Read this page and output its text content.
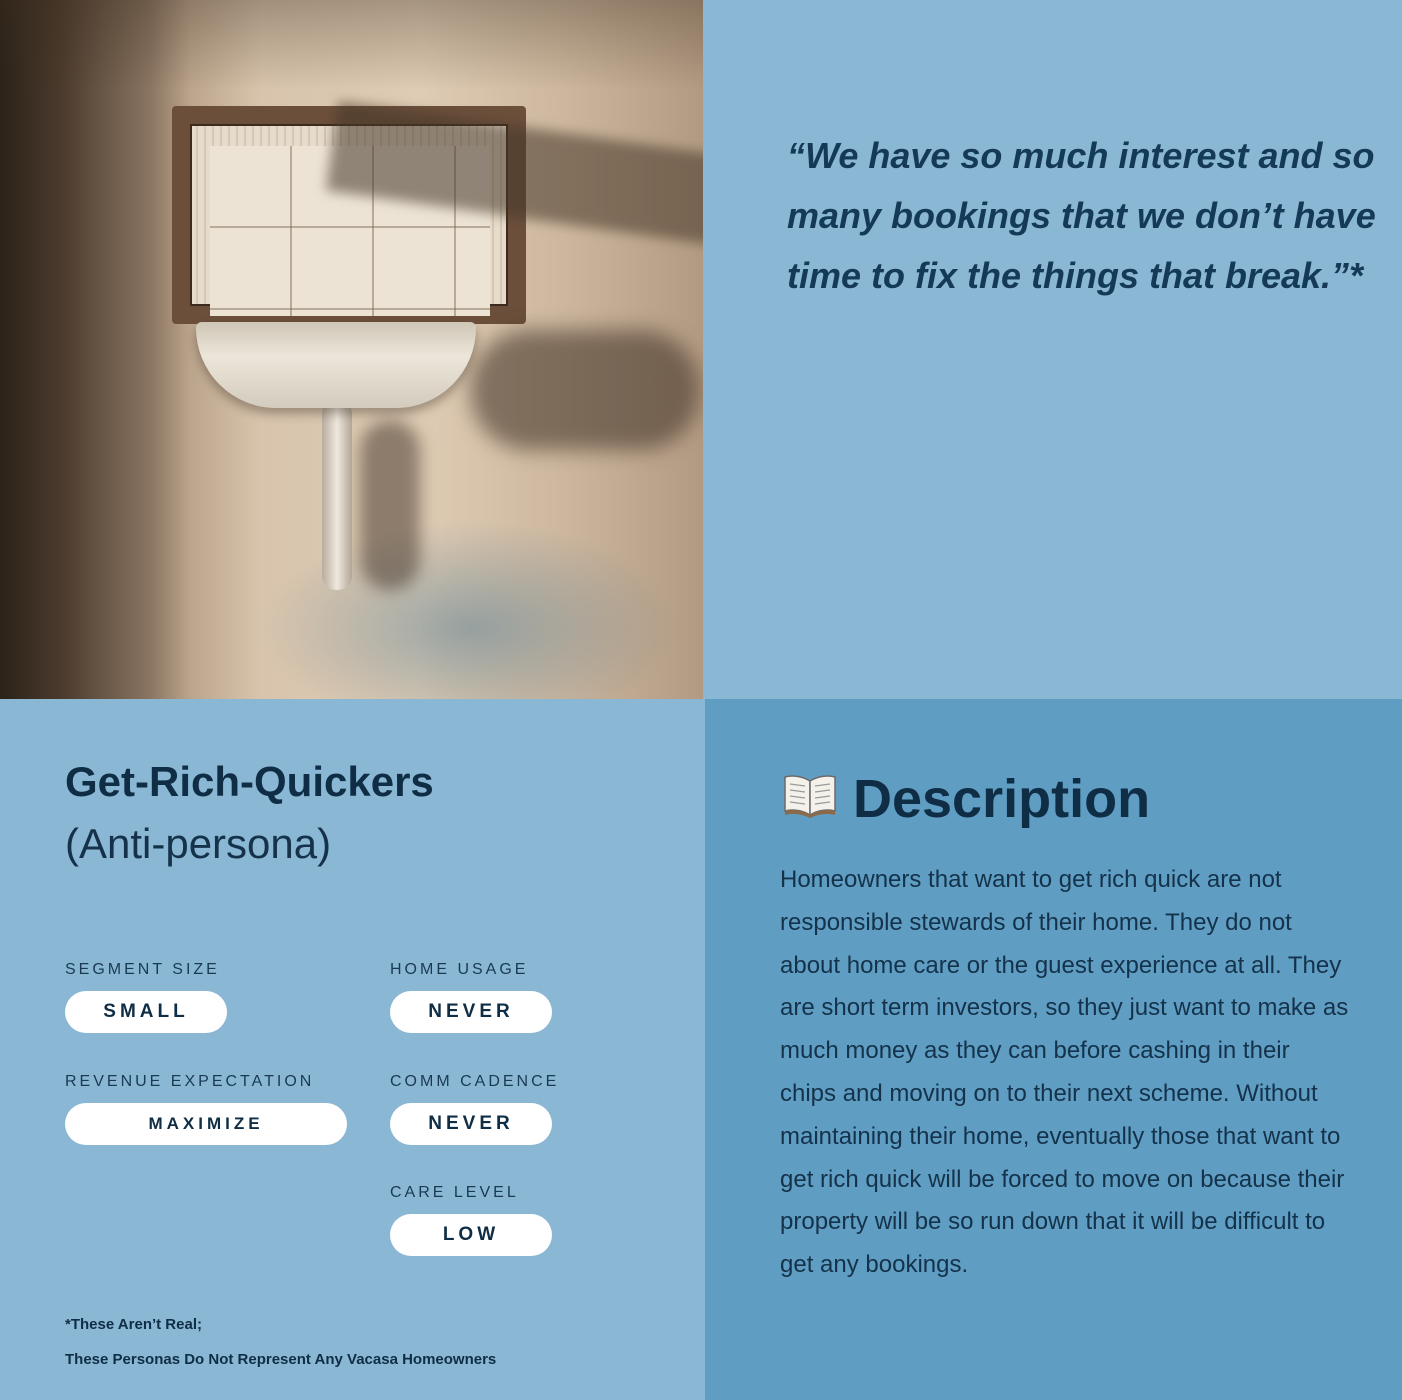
“We have so much interest and so many bookings that we don’t have time to fix the things that break.”*
Get-Rich-Quickers
(Anti-persona)
SEGMENT SIZE
SMALL
HOME USAGE
NEVER
REVENUE EXPECTATION
MAXIMIZE
COMM CADENCE
NEVER
CARE LEVEL
LOW
*These Aren’t Real;
These Personas Do Not Represent Any Vacasa Homeowners
Description
Homeowners that want to get rich quick are not responsible stewards of their home. They do not about home care or the guest experience at all. They are short term investors, so they just want to make as much money as they can before cashing in their chips and moving on to their next scheme. Without maintaining their home, eventually those that want to get rich quick will be forced to move on because their property will be so run down that it will be difficult to get any bookings.
